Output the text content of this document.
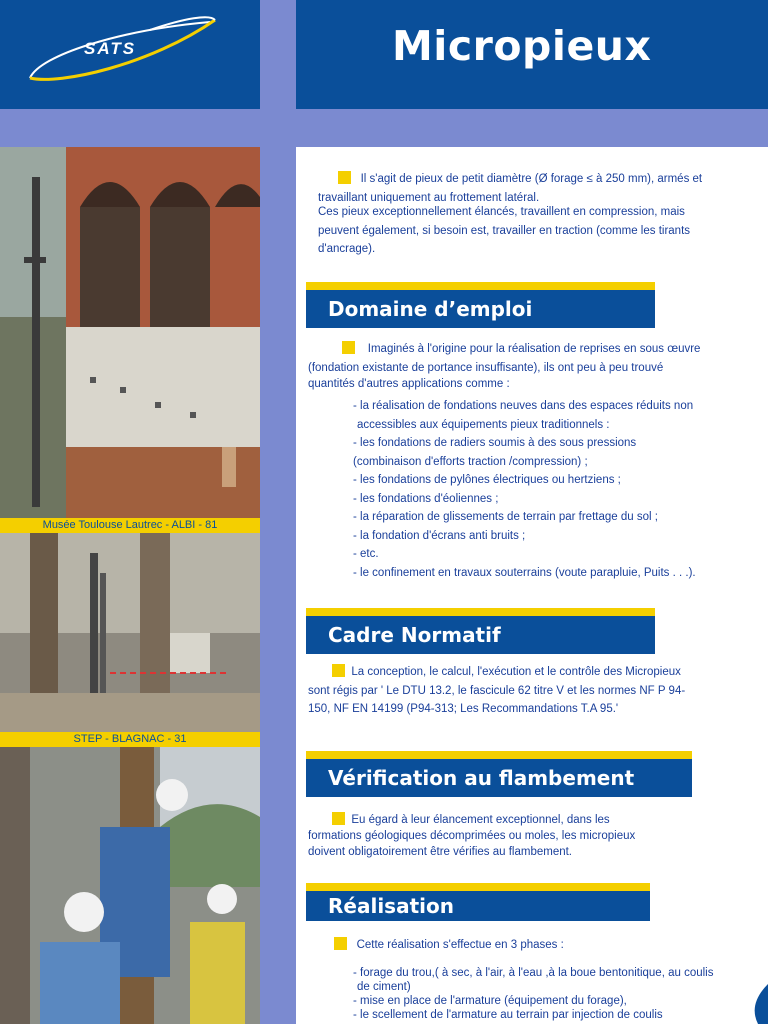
SATS	Micropieux
Musée Toulouse Lautrec - ALBI - 81
STEP - BLAGNAC - 31
Il s'agit de pieux de petit diamètre (Ø forage ≤ à 250 mm), armés et
travaillant uniquement au frottement latéral.
Ces pieux exceptionnellement élancés, travaillent en compression, mais
peuvent également, si besoin est, travailler en traction (comme les tirants
d'ancrage).
Domaine d’emploi
Imaginés à l'origine pour la réalisation de reprises en sous œuvre
(fondation existante de portance insuffisante), ils ont peu à peu trouvé
quantités d'autres applications comme :
- la réalisation de fondations neuves dans des espaces réduits non
accessibles aux équipements pieux traditionnels :
- les fondations de radiers soumis à des sous pressions
(combinaison d'efforts traction /compression) ;
- les fondations de pylônes électriques ou hertziens ;
- les fondations d'éoliennes ;
- la réparation de glissements de terrain par frettage du sol ;
- la fondation d'écrans anti bruits ;
- etc.
- le confinement en travaux souterrains (voute parapluie, Puits . . .).
Cadre Normatif
La conception, le calcul, l'exécution et le contrôle des Micropieux
sont régis par ' Le DTU 13.2, le fascicule 62 titre V et les normes NF P 94-
150, NF EN 14199 (P94-313; Les Recommandations T.A 95.'
Vérification au flambement
Eu égard à leur élancement exceptionnel, dans les
formations géologiques décomprimées ou moles, les micropieux
doivent obligatoirement être vérifies au flambement.
Réalisation
Cette réalisation s'effectue en 3 phases :
- forage du trou,( à sec, à l'air, à l'eau ,à la boue bentonitique, au coulis
de ciment)
- mise en place de l'armature (équipement du forage),
- le scellement de l'armature au terrain par injection de coulis
